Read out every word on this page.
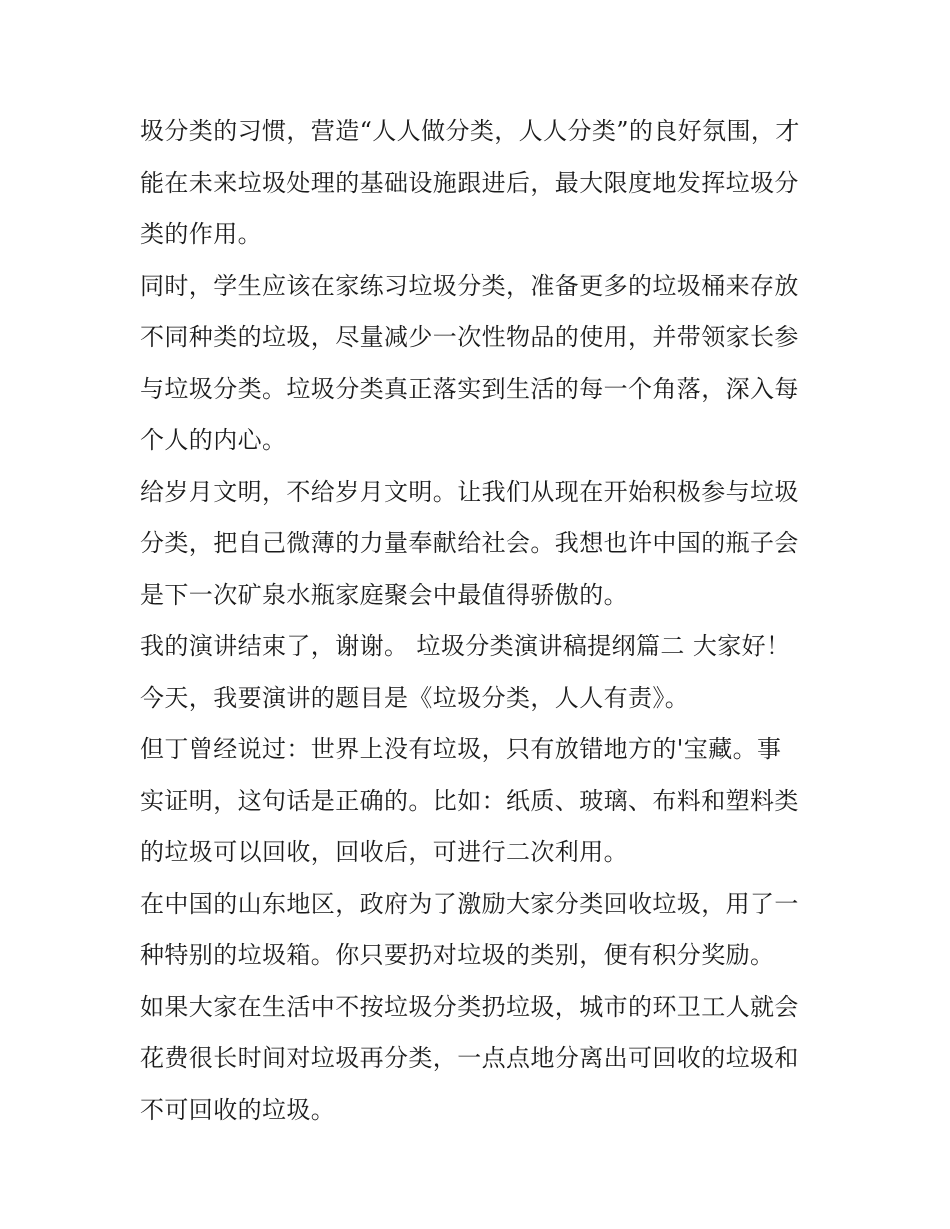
圾分类的习惯，营造“人人做分类，人人分类”的良好氛围，才
能在未来垃圾处理的基础设施跟进后，最大限度地发挥垃圾分
类的作用。

同时，学生应该在家练习垃圾分类，准备更多的垃圾桶来存放
不同种类的垃圾，尽量减少一次性物品的使用，并带领家长参
与垃圾分类。垃圾分类真正落实到生活的每一个角落，深入每
个人的内心。

给岁月文明，不给岁月文明。让我们从现在开始积极参与垃圾
分类，把自己微薄的力量奉献给社会。我想也许中国的瓶子会
是下一次矿泉水瓶家庭聚会中最值得骄傲的。

我的演讲结束了，谢谢。 垃圾分类演讲稿提纲篇二 大家好！

今天，我要演讲的题目是《垃圾分类，人人有责》。

但丁曾经说过：世界上没有垃圾，只有放错地方的'宝藏。事
实证明，这句话是正确的。比如：纸质、玻璃、布料和塑料类
的垃圾可以回收，回收后，可进行二次利用。

在中国的山东地区，政府为了激励大家分类回收垃圾，用了一
种特别的垃圾箱。你只要扔对垃圾的类别，便有积分奖励。

如果大家在生活中不按垃圾分类扔垃圾，城市的环卫工人就会
花费很长时间对垃圾再分类，一点点地分离出可回收的垃圾和
不可回收的垃圾。
